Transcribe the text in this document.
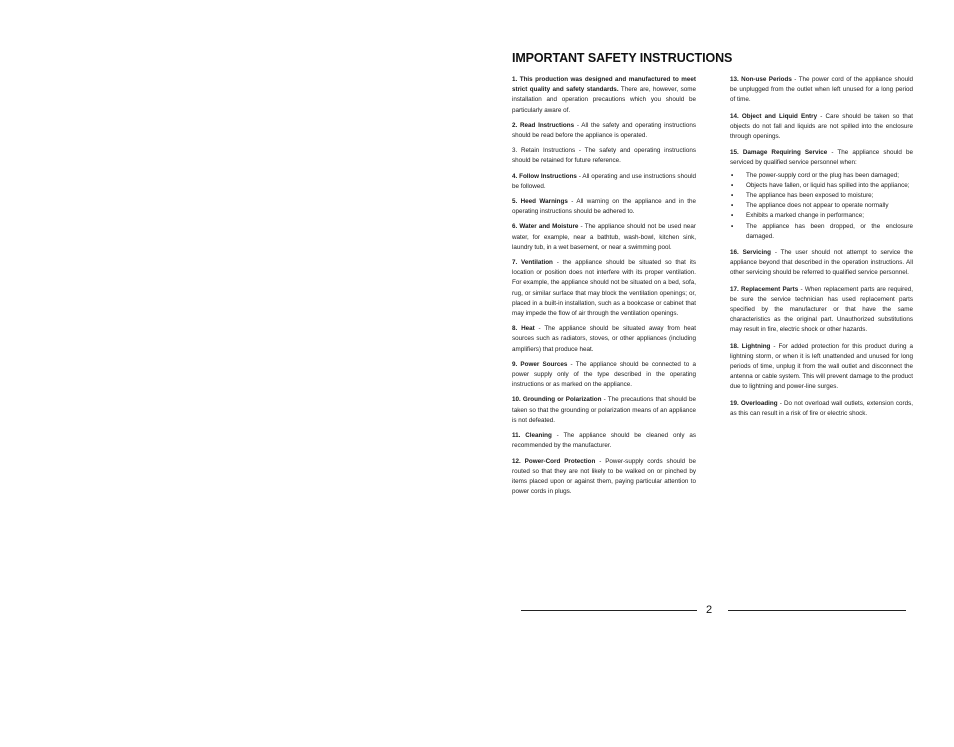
IMPORTANT SAFETY INSTRUCTIONS

1. This production was designed and manufactured to meet strict quality and safety standards. There are, however, some installation and operation precautions which you should be particularly aware of.

2. Read Instructions - All the safety and operating instructions should be read before the appliance is operated.

3. Retain Instructions - The safety and operating instructions should be retained for future reference.

4. Follow Instructions - All operating and use instructions should be followed.

5. Heed Warnings - All warning on the appliance and in the operating instructions should be adhered to.

6. Water and Moisture - The appliance should not be used near water, for example, near a bathtub, wash-bowl, kitchen sink, laundry tub, in a wet basement, or near a swimming pool.

7. Ventilation - the appliance should be situated so that its location or position does not interfere with its proper ventilation. For example, the appliance should not be situated on a bed, sofa, rug, or similar surface that may block the ventilation openings; or, placed in a built-in installation, such as a bookcase or cabinet that may impede the flow of air through the ventilation openings.

8. Heat - The appliance should be situated away from heat sources such as radiators, stoves, or other appliances (including amplifiers) that produce heat.

9. Power Sources - The appliance should be connected to a power supply only of the type described in the operating instructions or as marked on the appliance.

10. Grounding or Polarization - The precautions that should be taken so that the grounding or polarization means of an appliance is not defeated.

11. Cleaning - The appliance should be cleaned only as recommended by the manufacturer.

12. Power-Cord Protection - Power-supply cords should be routed so that they are not likely to be walked on or pinched by items placed upon or against them, paying particular attention to power cords in plugs.

13. Non-use Periods - The power cord of the appliance should be unplugged from the outlet when left unused for a long period of time.

14. Object and Liquid Entry - Care should be taken so that objects do not fall and liquids are not spilled into the enclosure through openings.

15. Damage Requiring Service - The appliance should be serviced by qualified service personnel when:

• The power-supply cord or the plug has been damaged;
• Objects have fallen, or liquid has spilled into the appliance;
• The appliance has been exposed to moisture;
• The appliance does not appear to operate normally
• Exhibits a marked change in performance;
• The appliance has been dropped, or the enclosure damaged.

16. Servicing - The user should not attempt to service the appliance beyond that described in the operation instructions. All other servicing should be referred to qualified service personnel.

17. Replacement Parts - When replacement parts are required, be sure the service technician has used replacement parts specified by the manufacturer or that have the same characteristics as the original part. Unauthorized substitutions may result in fire, electric shock or other hazards.

18. Lightning - For added protection for this product during a lightning storm, or when it is left unattended and unused for long periods of time, unplug it from the wall outlet and disconnect the antenna or cable system. This will prevent damage to the product due to lightning and power-line surges.

19. Overloading - Do not overload wall outlets, extension cords, as this can result in a risk of fire or electric shock.

2
